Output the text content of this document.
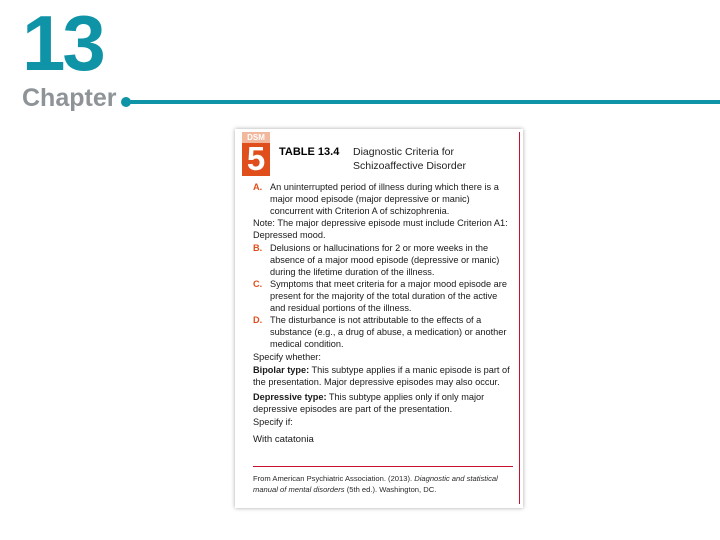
13
Chapter
DSM
5	TABLE 13.4 Diagnostic Criteria for
Schizoaffective Disorder
A. An uninterrupted period of illness during which there is a major mood episode (major depressive or manic) concurrent with Criterion A of schizophrenia.
Note: The major depressive episode must include Criterion A1: Depressed mood.
B. Delusions or hallucinations for 2 or more weeks in the absence of a major mood episode (depressive or manic) during the lifetime duration of the illness.
C. Symptoms that meet criteria for a major mood episode are present for the majority of the total duration of the active and residual portions of the illness.
D. The disturbance is not attributable to the effects of a substance (e.g., a drug of abuse, a medication) or another medical condition.
Specify whether:
Bipolar type: This subtype applies if a manic episode is part of the presentation. Major depressive episodes may also occur.
Depressive type: This subtype applies only if only major depressive episodes are part of the presentation.
Specify if:
With catatonia
From American Psychiatric Association. (2013). Diagnostic and statistical manual of mental disorders (5th ed.). Washington, DC.
